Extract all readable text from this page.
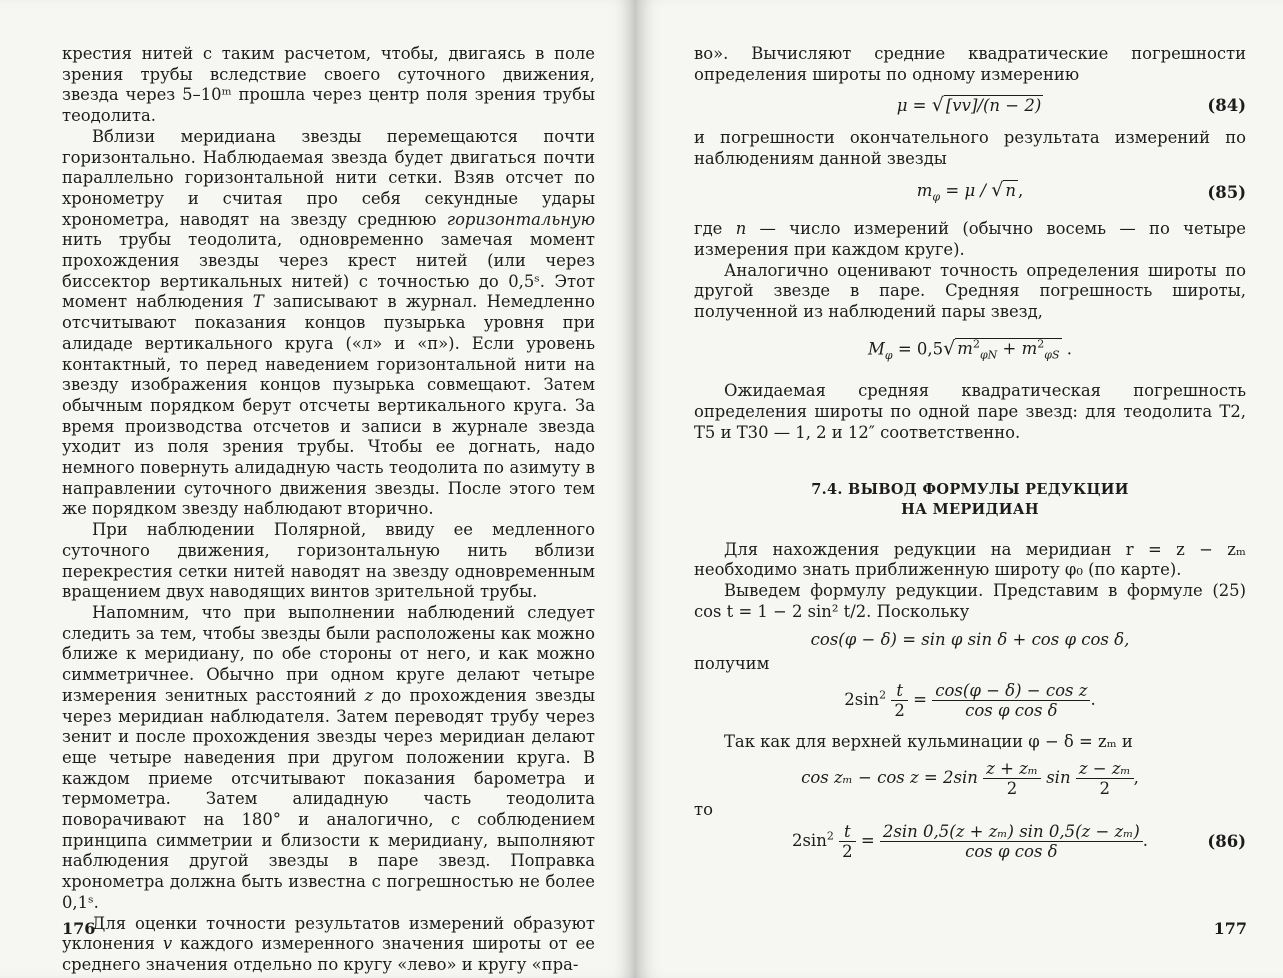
крестия нитей с таким расчетом, чтобы, двигаясь в поле зрения трубы вследствие своего суточного движения, звезда через 5–10ᵐ прошла через центр поля зрения трубы теодолита.

Вблизи меридиана звезды перемещаются почти горизонтально. Наблюдаемая звезда будет двигаться почти параллельно горизонтальной нити сетки. Взяв отсчет по хронометру и считая про себя секундные удары хронометра, наводят на звезду среднюю горизонтальную нить трубы теодолита, одновременно замечая момент прохождения звезды через крест нитей (или через биссектор вертикальных нитей) с точностью до 0,5ˢ. Этот момент наблюдения T записывают в журнал. Немедленно отсчитывают показания концов пузырька уровня при алидаде вертикального круга («л» и «п»). Если уровень контактный, то перед наведением горизонтальной нити на звезду изображения концов пузырька совмещают. Затем обычным порядком берут отсчеты вертикального круга. За время производства отсчетов и записи в журнале звезда уходит из поля зрения трубы. Чтобы ее догнать, надо немного повернуть алидадную часть теодолита по азимуту в направлении суточного движения звезды. После этого тем же порядком звезду наблюдают вторично.

При наблюдении Полярной, ввиду ее медленного суточного движения, горизонтальную нить вблизи перекрестия сетки нитей наводят на звезду одновременным вращением двух наводящих винтов зрительной трубы.

Напомним, что при выполнении наблюдений следует следить за тем, чтобы звезды были расположены как можно ближе к меридиану, по обе стороны от него, и как можно симметричнее. Обычно при одном круге делают четыре измерения зенитных расстояний z до прохождения звезды через меридиан наблюдателя. Затем переводят трубу через зенит и после прохождения звезды через меридиан делают еще четыре наведения при другом положении круга. В каждом приеме отсчитывают показания барометра и термометра. Затем алидадную часть теодолита поворачивают на 180° и аналогично, с соблюдением принципа симметрии и близости к меридиану, выполняют наблюдения другой звезды в паре звезд. Поправка хронометра должна быть известна с погрешностью не более 0,1ˢ.

Для оценки точности результатов измерений образуют уклонения v каждого измеренного значения широты от ее среднего значения отдельно по кругу «лево» и кругу «пра-

176

во». Вычисляют средние квадратические погрешности определения широты по одному измерению

μ = √ [vv]/(n − 2)	(84)

и погрешности окончательного результата измерений по наблюдениям данной звезды

$m_\varphi = \mu$ / √ n ,	(85)

где n — число измерений (обычно восемь — по четыре измерения при каждом круге).

Аналогично оценивают точность определения широты по другой звезде в паре. Средняя погрешность широты, полученной из наблюдений пары звезд,

$M_\varphi = 0,5√$ $m^2_{\varphi N} + m^2_{\varphi S}$ .

Ожидаемая средняя квадратическая погрешность определения широты по одной паре звезд: для теодолита Т2, Т5 и Т30 — 1, 2 и 12″ соответственно.

7.4. ВЫВОД ФОРМУЛЫ РЕДУКЦИИ
НА МЕРИДИАН

Для нахождения редукции на меридиан r = z − zₘ необходимо знать приближенную широту φ₀ (по карте).

Выведем формулу редукции. Представим в формуле (25) cos t = 1 − 2 sin² t/2. Поскольку

cos(φ − δ) = sin φ sin δ + cos φ cos δ,

получим

$2\sin^2 \frac{t}{2} = \frac{\text{cos(φ − δ) − cos z}}{\text{cos φ cos δ}}$ .

Так как для верхней кульминации φ − δ = zₘ и

$\cos z_m - \cos z = 2\sin \frac{\text{z + zₘ}}{2}$ $\sin \frac{\text{z − zₘ}}{2}$ ,

то

$2\sin^2 \frac{t}{2} = \frac{\text{2sin 0,5(z + zₘ) sin 0,5(z − zₘ)}}{\text{cos φ cos δ}}$ .	(86)
177
